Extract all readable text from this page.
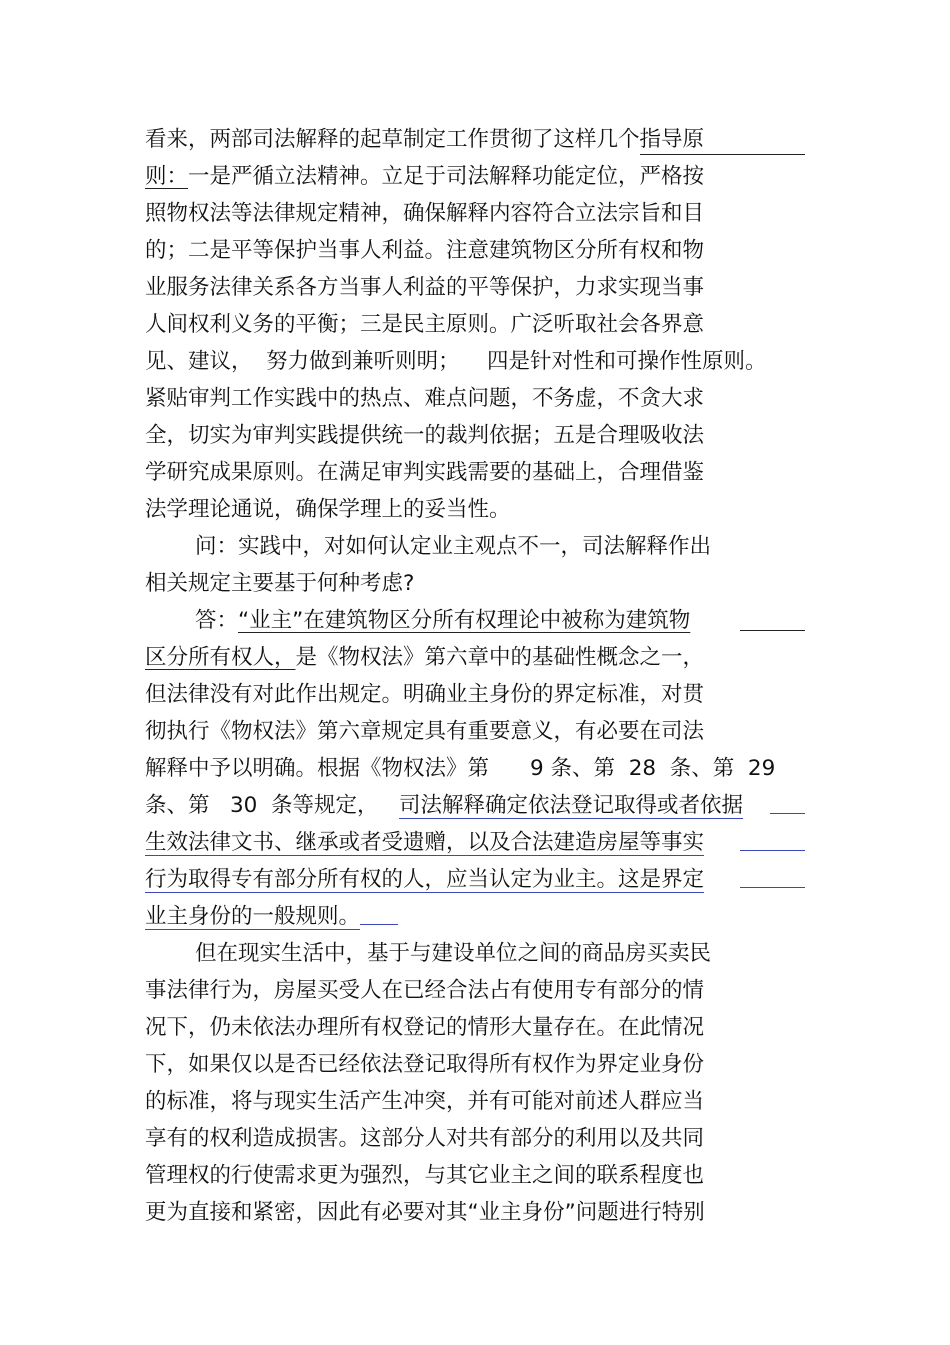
看来，两部司法解释的起草制定工作贯彻了这样几个指导原
则：一是严循立法精神。立足于司法解释功能定位，严格按
照物权法等法律规定精神，确保解释内容符合立法宗旨和目
的；二是平等保护当事人利益。注意建筑物区分所有权和物
业服务法律关系各方当事人利益的平等保护，力求实现当事
人间权利义务的平衡；三是民主原则。广泛听取社会各界意
见、建议，  努力做到兼听则明；    四是针对性和可操作性原则。
紧贴审判工作实践中的热点、难点问题，不务虚，不贪大求
全，切实为审判实践提供统一的裁判依据；五是合理吸收法
学研究成果原则。在满足审判实践需要的基础上，合理借鉴
法学理论通说，确保学理上的妥当性。
问：实践中，对如何认定业主观点不一，司法解释作出
相关规定主要基于何种考虑?
答：“业主”在建筑物区分所有权理论中被称为建筑物
区分所有权人，是《物权法》第六章中的基础性概念之一，
但法律没有对此作出规定。明确业主身份的界定标准，对贯
彻执行《物权法》第六章规定具有重要意义，有必要在司法
解释中予以明确。根据《物权法》第      9 条、第  28  条、第  29
条、第   30  条等规定，   司法解释确定依法登记取得或者依据
生效法律文书、继承或者受遗赠，以及合法建造房屋等事实
行为取得专有部分所有权的人，应当认定为业主。这是界定
业主身份的一般规则。
但在现实生活中，基于与建设单位之间的商品房买卖民
事法律行为，房屋买受人在已经合法占有使用专有部分的情
况下，仍未依法办理所有权登记的情形大量存在。在此情况
下，如果仅以是否已经依法登记取得所有权作为界定业身份
的标准，将与现实生活产生冲突，并有可能对前述人群应当
享有的权利造成损害。这部分人对共有部分的利用以及共同
管理权的行使需求更为强烈，与其它业主之间的联系程度也
更为直接和紧密，因此有必要对其“业主身份”问题进行特别
